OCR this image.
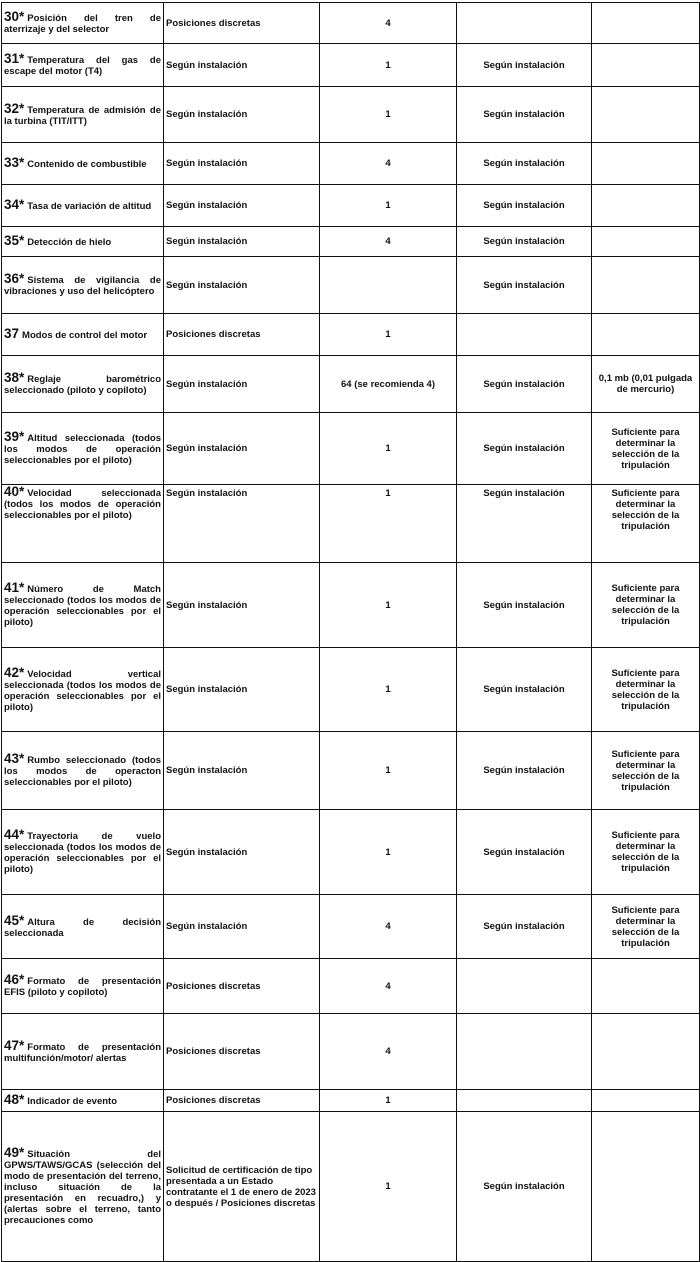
30* Posición del tren de aterrizaje y del selector	Posiciones discretas	4		
31* Temperatura del gas de escape del motor (T4)	Según instalación	1	Según instalación	
32* Temperatura de admisión de la turbina (TIT/ITT)	Según instalación	1	Según instalación	
33* Contenido de combustible	Según instalación	4	Según instalación	
34* Tasa de variación de altitud	Según instalación	1	Según instalación	
35* Detección de hielo	Según instalación	4	Según instalación	
36* Sistema de vigilancia de vibraciones y uso del helicóptero	Según instalación		Según instalación	
37 Modos de control del motor	Posiciones discretas	1		
38* Reglaje barométrico seleccionado (piloto y copiloto)	Según instalación	64 (se recomienda 4)	Según instalación	0,1 mb (0,01 pulgada de mercurio)
39* Altitud seleccionada (todos los modos de operación seleccionables por el piloto)	Según instalación	1	Según instalación	Suficiente para determinar la selección de la tripulación
40* Velocidad seleccionada (todos los modos de operación seleccionables por el piloto)	Según instalación	1	Según instalación	Suficiente para determinar la selección de la tripulación
41* Número de Match seleccionado (todos los modos de operación seleccionables por el piloto)	Según instalación	1	Según instalación	Suficiente para determinar la selección de la tripulación
42* Velocidad vertical seleccionada (todos los modos de operación seleccionables por el piloto)	Según instalación	1	Según instalación	Suficiente para determinar la selección de la tripulación
43* Rumbo seleccionado (todos los modos de operacton seleccionables por el piloto)	Según instalación	1	Según instalación	Suficiente para determinar la selección de la tripulación
44* Trayectoria de vuelo seleccionada (todos los modos de operación seleccionables por el piloto)	Según instalación	1	Según instalación	Suficiente para determinar la selección de la tripulación
45* Altura de decisión seleccionada	Según instalación	4	Según instalación	Suficiente para determinar la selección de la tripulación
46* Formato de presentación EFIS (piloto y copiloto)	Posiciones discretas	4		
47* Formato de presentación multifunción/motor/ alertas	Posiciones discretas	4		
48* Indicador de evento	Posiciones discretas	1		
49* Situación del GPWS/TAWS/GCAS (selección del modo de presentación del terreno, incluso situación de la presentación en recuadro,) y (alertas sobre el terreno, tanto precauciones como	Solicitud de certificación de tipo presentada a un Estado contratante el 1 de enero de 2023 o después / Posiciones discretas	1	Según instalación	
